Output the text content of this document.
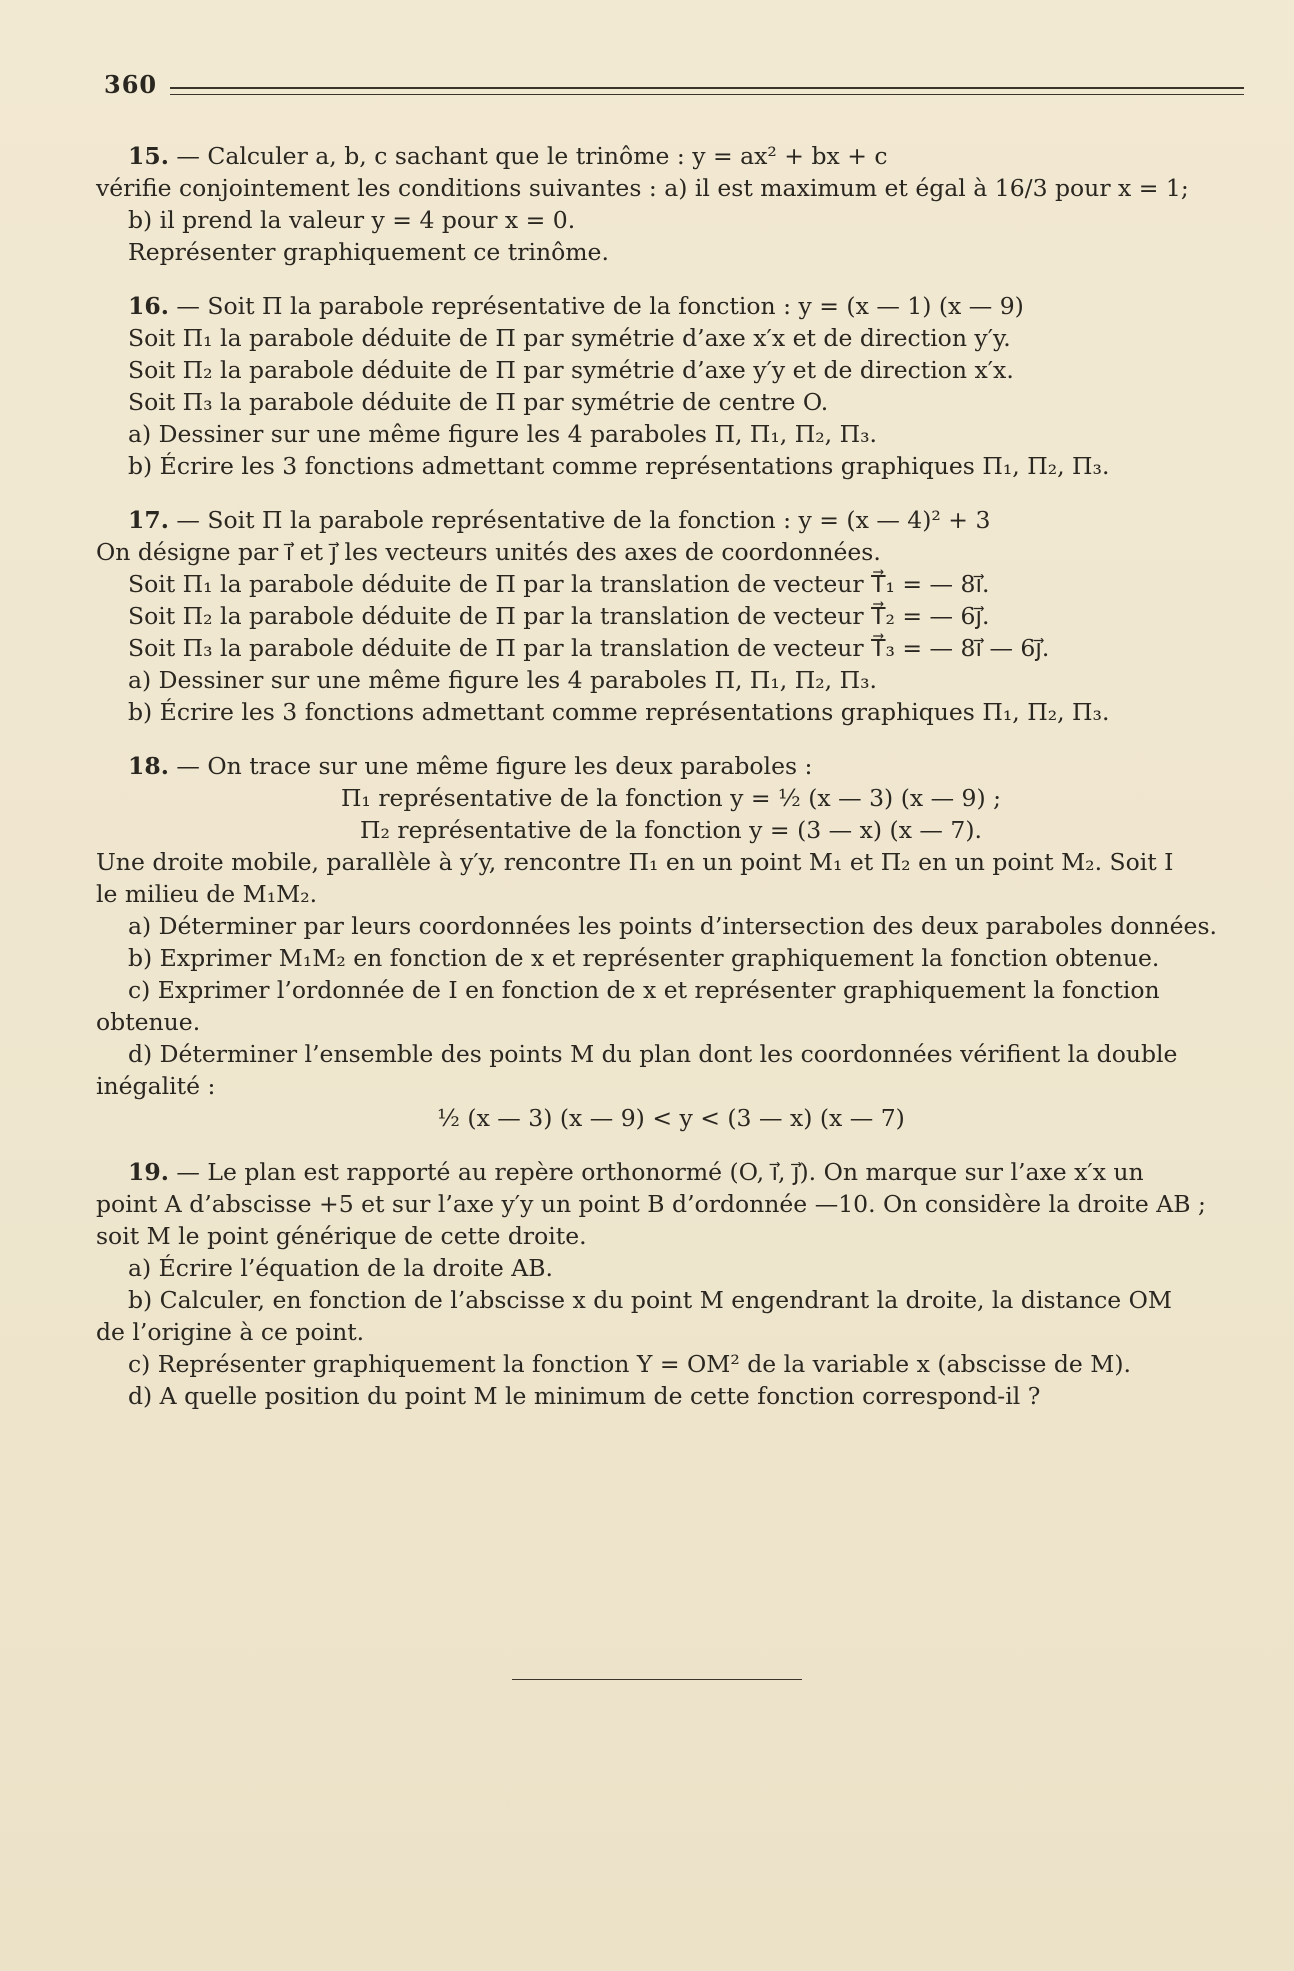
360

15. — Calculer a, b, c sachant que le trinôme : y = ax² + bx + c

vérifie conjointement les conditions suivantes : a) il est maximum et égal à 16/3 pour x = 1;

b) il prend la valeur y = 4 pour x = 0.

Représenter graphiquement ce trinôme.

16. — Soit Π la parabole représentative de la fonction : y = (x — 1) (x — 9)

Soit Π₁ la parabole déduite de Π par symétrie d’axe x′x et de direction y′y.

Soit Π₂ la parabole déduite de Π par symétrie d’axe y′y et de direction x′x.

Soit Π₃ la parabole déduite de Π par symétrie de centre O.

a) Dessiner sur une même figure les 4 paraboles Π, Π₁, Π₂, Π₃.

b) Écrire les 3 fonctions admettant comme représentations graphiques Π₁, Π₂, Π₃.

17. — Soit Π la parabole représentative de la fonction : y = (x — 4)² + 3

On désigne par i⃗ et j⃗ les vecteurs unités des axes de coordonnées.

Soit Π₁ la parabole déduite de Π par la translation de vecteur T⃗₁ = — 8i⃗.

Soit Π₂ la parabole déduite de Π par la translation de vecteur T⃗₂ = — 6j⃗.

Soit Π₃ la parabole déduite de Π par la translation de vecteur T⃗₃ = — 8i⃗ — 6j⃗.

a) Dessiner sur une même figure les 4 paraboles Π, Π₁, Π₂, Π₃.

b) Écrire les 3 fonctions admettant comme représentations graphiques Π₁, Π₂, Π₃.

18. — On trace sur une même figure les deux paraboles :

Π₁ représentative de la fonction y = ½ (x — 3) (x — 9) ;

Π₂ représentative de la fonction y = (3 — x) (x — 7).

Une droite mobile, parallèle à y′y, rencontre Π₁ en un point M₁ et Π₂ en un point M₂. Soit I

le milieu de M₁M₂.

a) Déterminer par leurs coordonnées les points d’intersection des deux paraboles données.

b) Exprimer M₁M₂ en fonction de x et représenter graphiquement la fonction obtenue.

c) Exprimer l’ordonnée de I en fonction de x et représenter graphiquement la fonction

obtenue.

d) Déterminer l’ensemble des points M du plan dont les coordonnées vérifient la double

inégalité :

½ (x — 3) (x — 9) < y < (3 — x) (x — 7)

19. — Le plan est rapporté au repère orthonormé (O, i⃗, j⃗). On marque sur l’axe x′x un

point A d’abscisse +5 et sur l’axe y′y un point B d’ordonnée —10. On considère la droite AB ;

soit M le point générique de cette droite.

a) Écrire l’équation de la droite AB.

b) Calculer, en fonction de l’abscisse x du point M engendrant la droite, la distance OM

de l’origine à ce point.

c) Représenter graphiquement la fonction Y = OM² de la variable x (abscisse de M).

d) A quelle position du point M le minimum de cette fonction correspond-il ?
